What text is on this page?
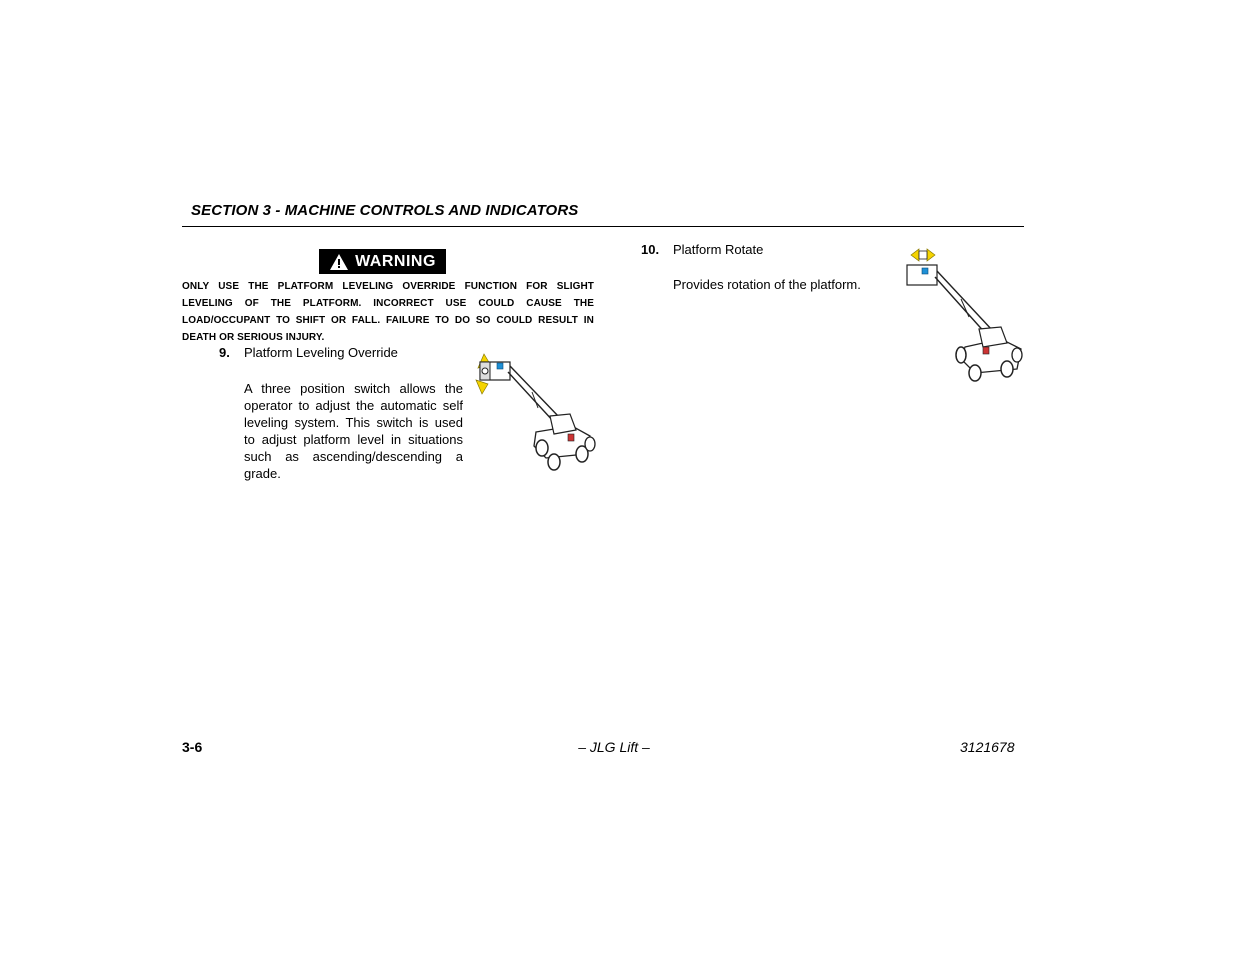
SECTION 3 - MACHINE CONTROLS AND INDICATORS
WARNING
ONLY USE THE PLATFORM LEVELING OVERRIDE FUNCTION FOR SLIGHT LEVELING OF THE PLATFORM. INCORRECT USE COULD CAUSE THE LOAD/OCCUPANT TO SHIFT OR FALL. FAILURE TO DO SO COULD RESULT IN DEATH OR SERIOUS INJURY.
9. Platform Leveling Override
A three position switch allows the operator to adjust the automatic self leveling system. This switch is used to adjust platform level in situations such as ascending/descending a grade.
10. Platform Rotate
Provides rotation of the platform.
3-6	– JLG Lift –	3121678
